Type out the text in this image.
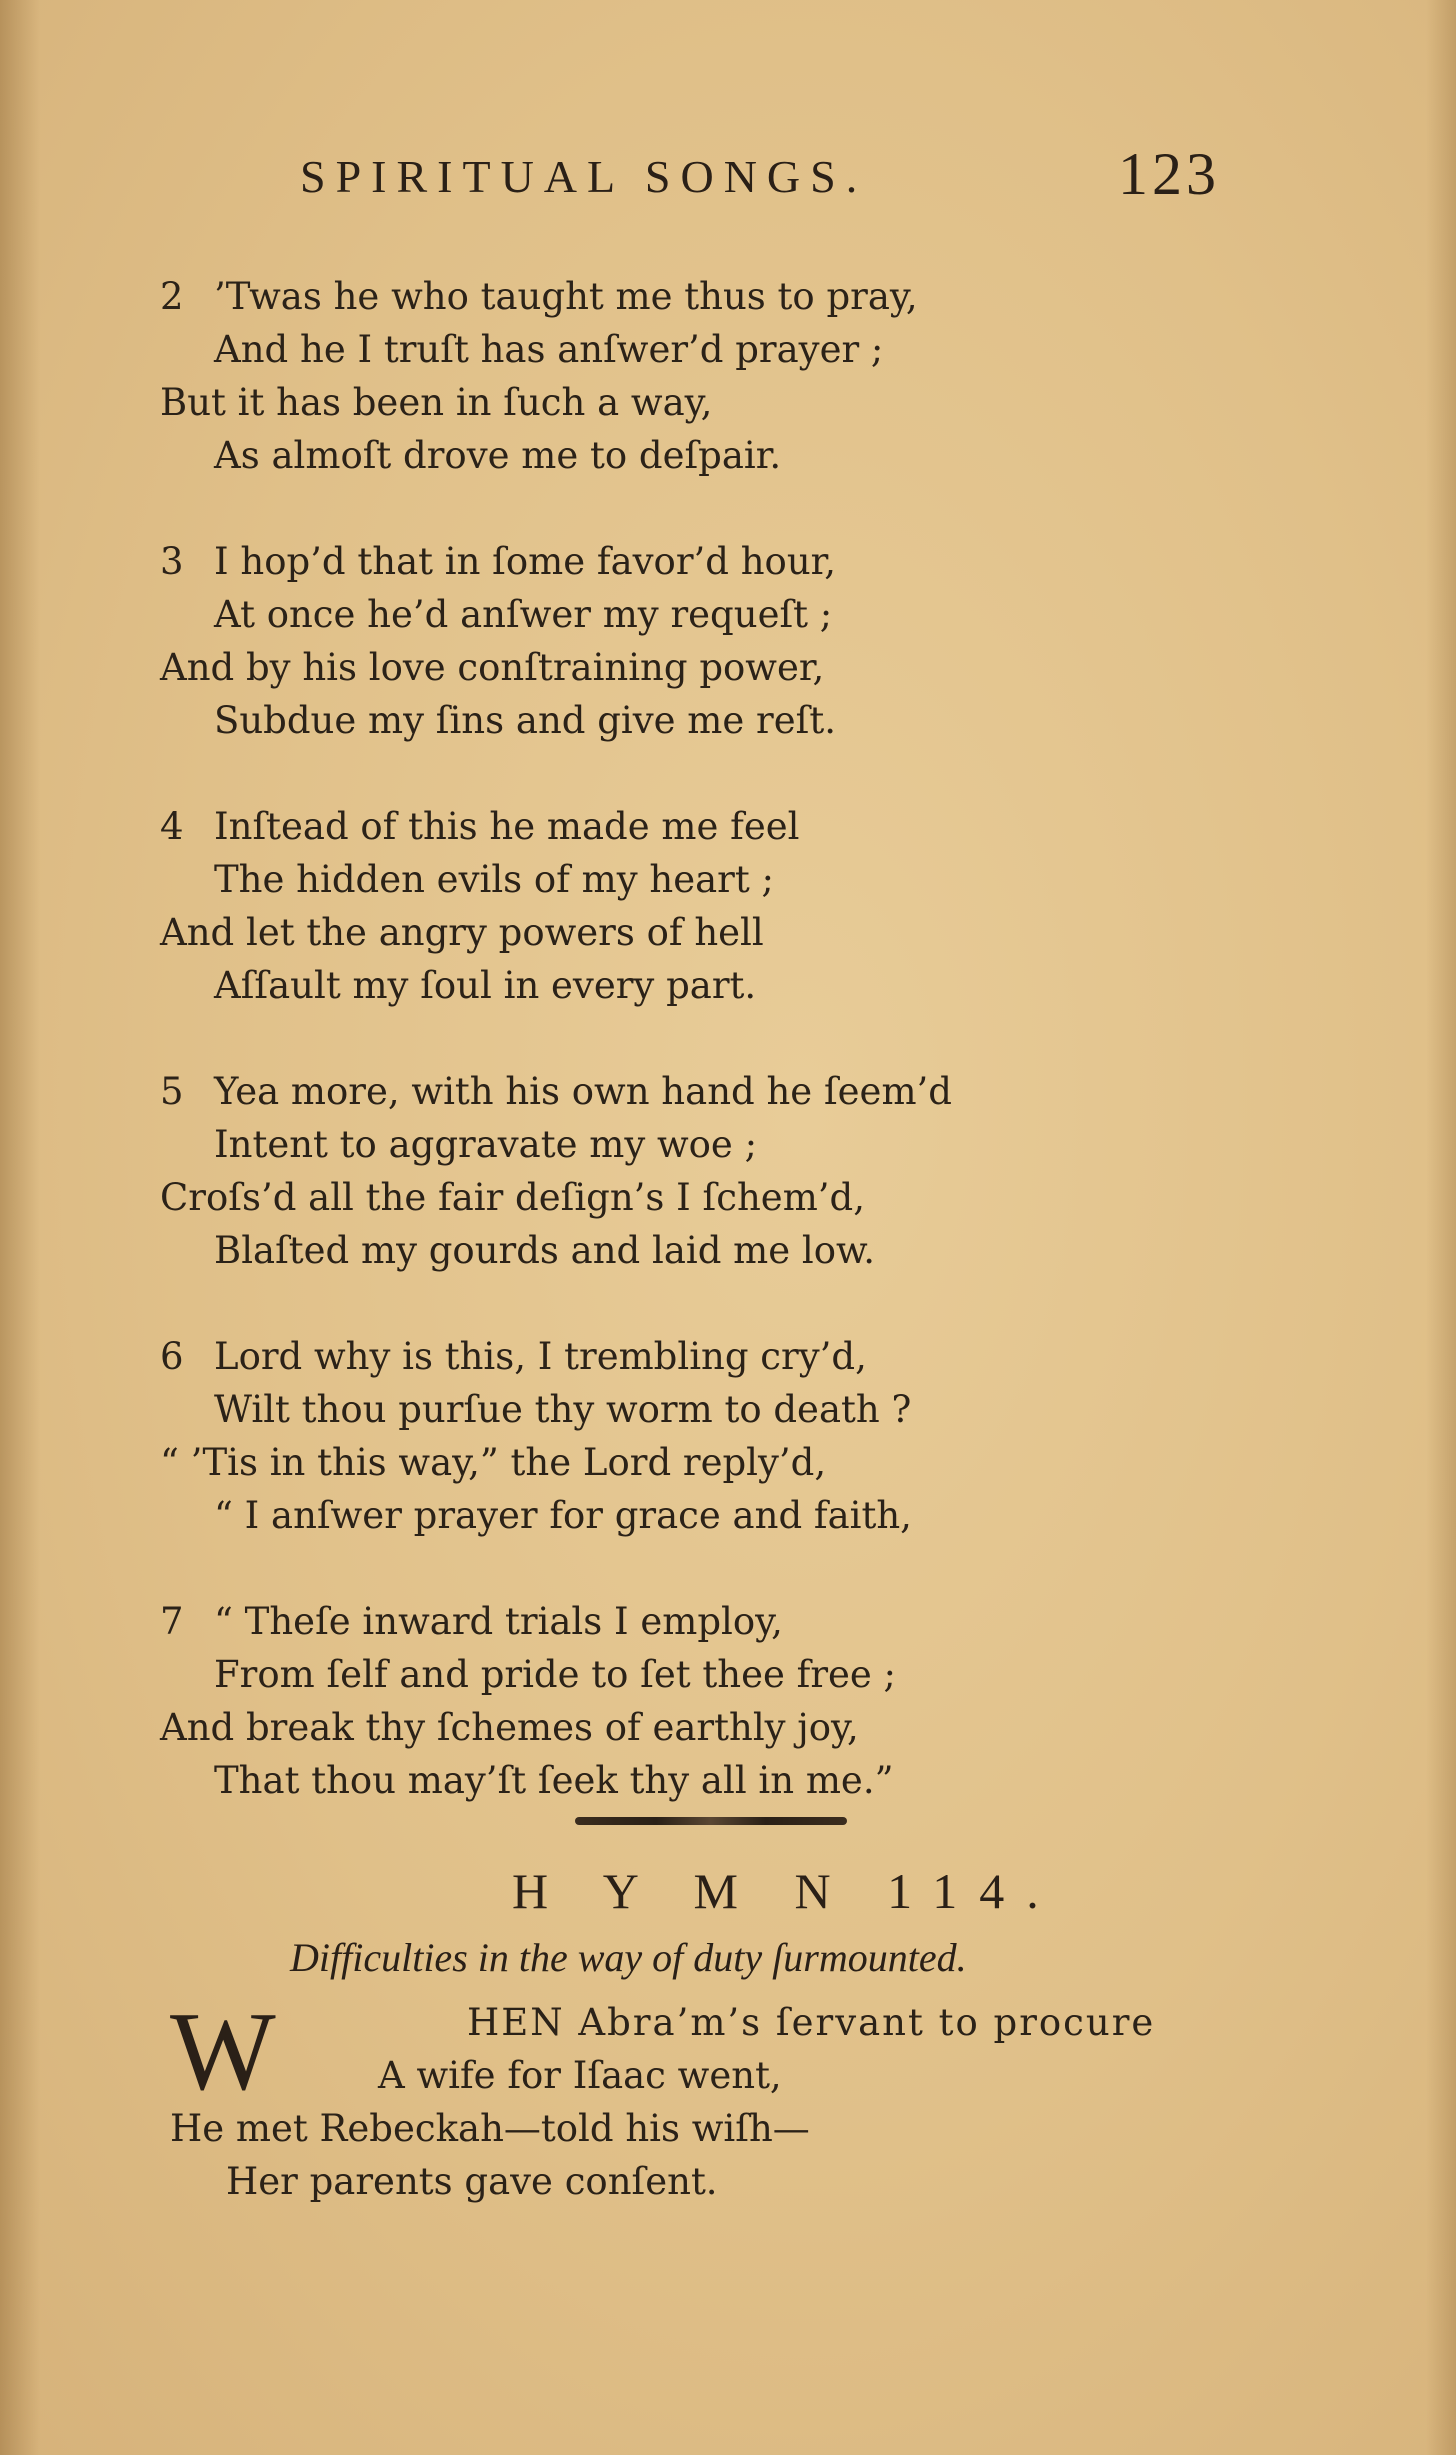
SPIRITUAL SONGS.	123
2 ’Twas he who taught me thus to pray,
And he I truſt has anſwer’d prayer ;
But it has been in ſuch a way,
As almoſt drove me to deſpair.
3 I hop’d that in ſome favor’d hour,
At once he’d anſwer my requeſt ;
And by his love conſtraining power,
Subdue my ſins and give me reſt.
4 Inſtead of this he made me feel
The hidden evils of my heart ;
And let the angry powers of hell
Aſſault my ſoul in every part.
5 Yea more, with his own hand he ſeem’d
Intent to aggravate my woe ;
Croſs’d all the fair deſign’s I ſchem’d,
Blaſted my gourds and laid me low.
6 Lord why is this, I trembling cry’d,
Wilt thou purſue thy worm to death ?
“ ’Tis in this way,” the Lord reply’d,
“ I anſwer prayer for grace and faith,
7 “ Theſe inward trials I employ,
From ſelf and pride to ſet thee free ;
And break thy ſchemes of earthly joy,
That thou may’ſt ſeek thy all in me.”
H Y M N 114.
Difficulties in the way of duty ſurmounted.
W	HEN Abra’m’s ſervant to procure
A wife for Iſaac went,
He met Rebeckah—told his wiſh—
Her parents gave conſent.
